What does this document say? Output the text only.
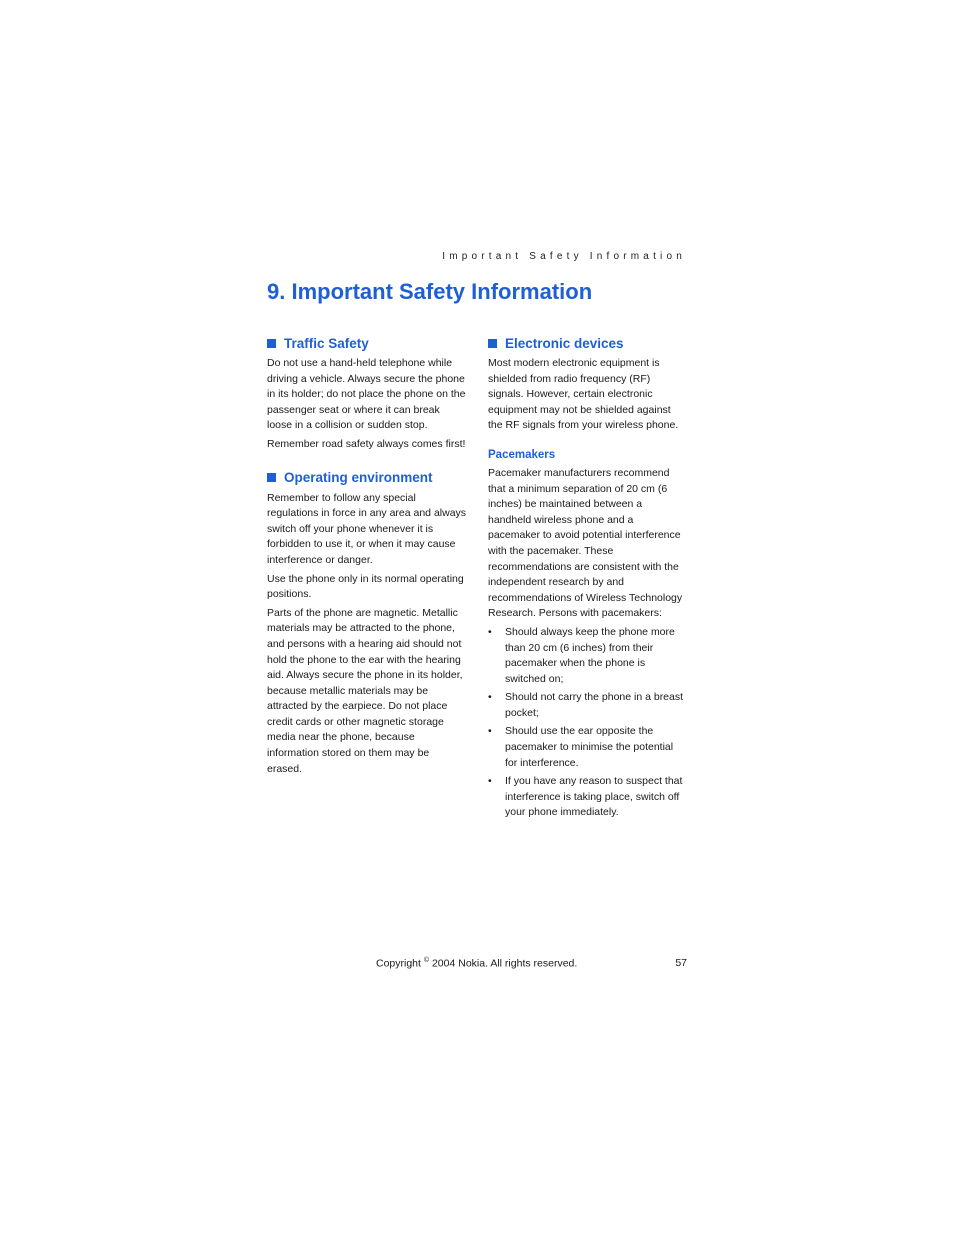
Important Safety Information
9. Important Safety Information
Traffic Safety

Do not use a hand-held telephone while driving a vehicle. Always secure the phone in its holder; do not place the phone on the passenger seat or where it can break loose in a collision or sudden stop.

Remember road safety always comes first!

Operating environment

Remember to follow any special regulations in force in any area and always switch off your phone whenever it is forbidden to use it, or when it may cause interference or danger.

Use the phone only in its normal operating positions.

Parts of the phone are magnetic. Metallic materials may be attracted to the phone, and persons with a hearing aid should not hold the phone to the ear with the hearing aid. Always secure the phone in its holder, because metallic materials may be attracted by the earpiece. Do not place credit cards or other magnetic storage media near the phone, because information stored on them may be erased.

Electronic devices

Most modern electronic equipment is shielded from radio frequency (RF) signals. However, certain electronic equipment may not be shielded against the RF signals from your wireless phone.

Pacemakers

Pacemaker manufacturers recommend that a minimum separation of 20 cm (6 inches) be maintained between a handheld wireless phone and a pacemaker to avoid potential interference with the pacemaker. These recommendations are consistent with the independent research by and recommendations of Wireless Technology Research. Persons with pacemakers:

• Should always keep the phone more than 20 cm (6 inches) from their pacemaker when the phone is switched on;
• Should not carry the phone in a breast pocket;
• Should use the ear opposite the pacemaker to minimise the potential for interference.
• If you have any reason to suspect that interference is taking place, switch off your phone immediately.
Copyright © 2004 Nokia. All rights reserved.	57
